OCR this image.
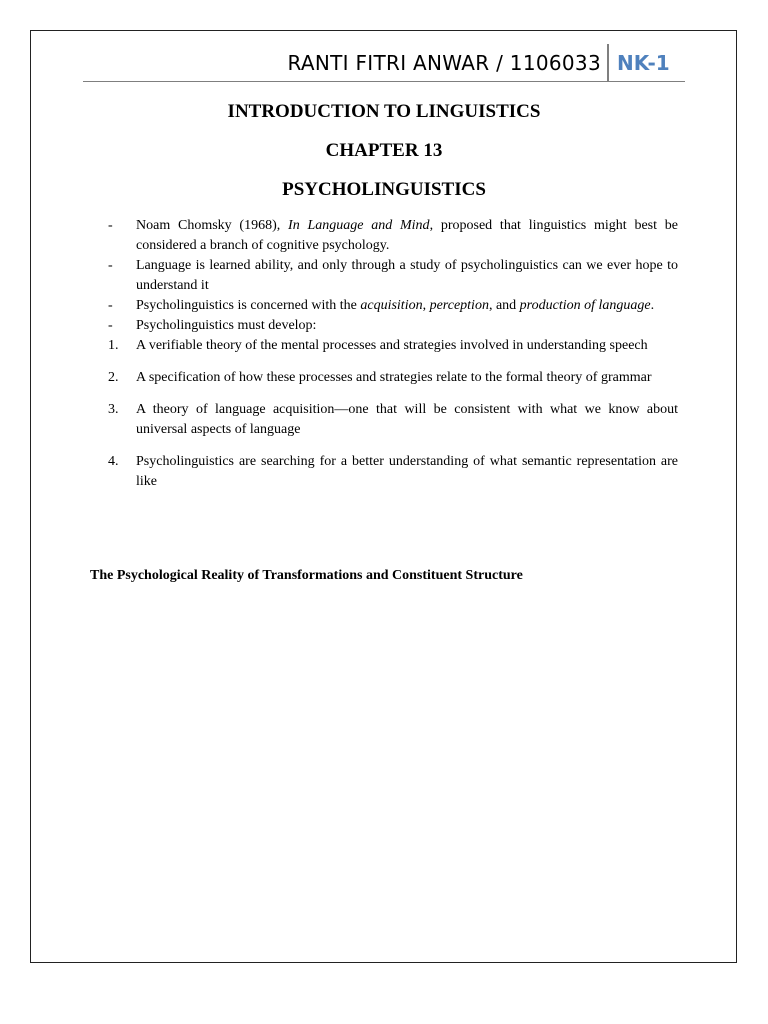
RANTI FITRI ANWAR / 1106033 NK-1
INTRODUCTION TO LINGUISTICS
CHAPTER 13
PSYCHOLINGUISTICS
-	Noam Chomsky (1968), In Language and Mind, proposed that linguistics might best be considered a branch of cognitive psychology.
-	Language is learned ability, and only through a study of psycholinguistics can we ever hope to understand it
-	Psycholinguistics is concerned with the acquisition, perception, and production of language.
-	Psycholinguistics must develop:
1.	A verifiable theory of the mental processes and strategies involved in understanding speech
2.	A specification of how these processes and strategies relate to the formal theory of grammar
3.	A theory of language acquisition—one that will be consistent with what we know about universal aspects of language
4.	Psycholinguistics are searching for a better understanding of what semantic representation are like
The Psychological Reality of Transformations and Constituent Structure
